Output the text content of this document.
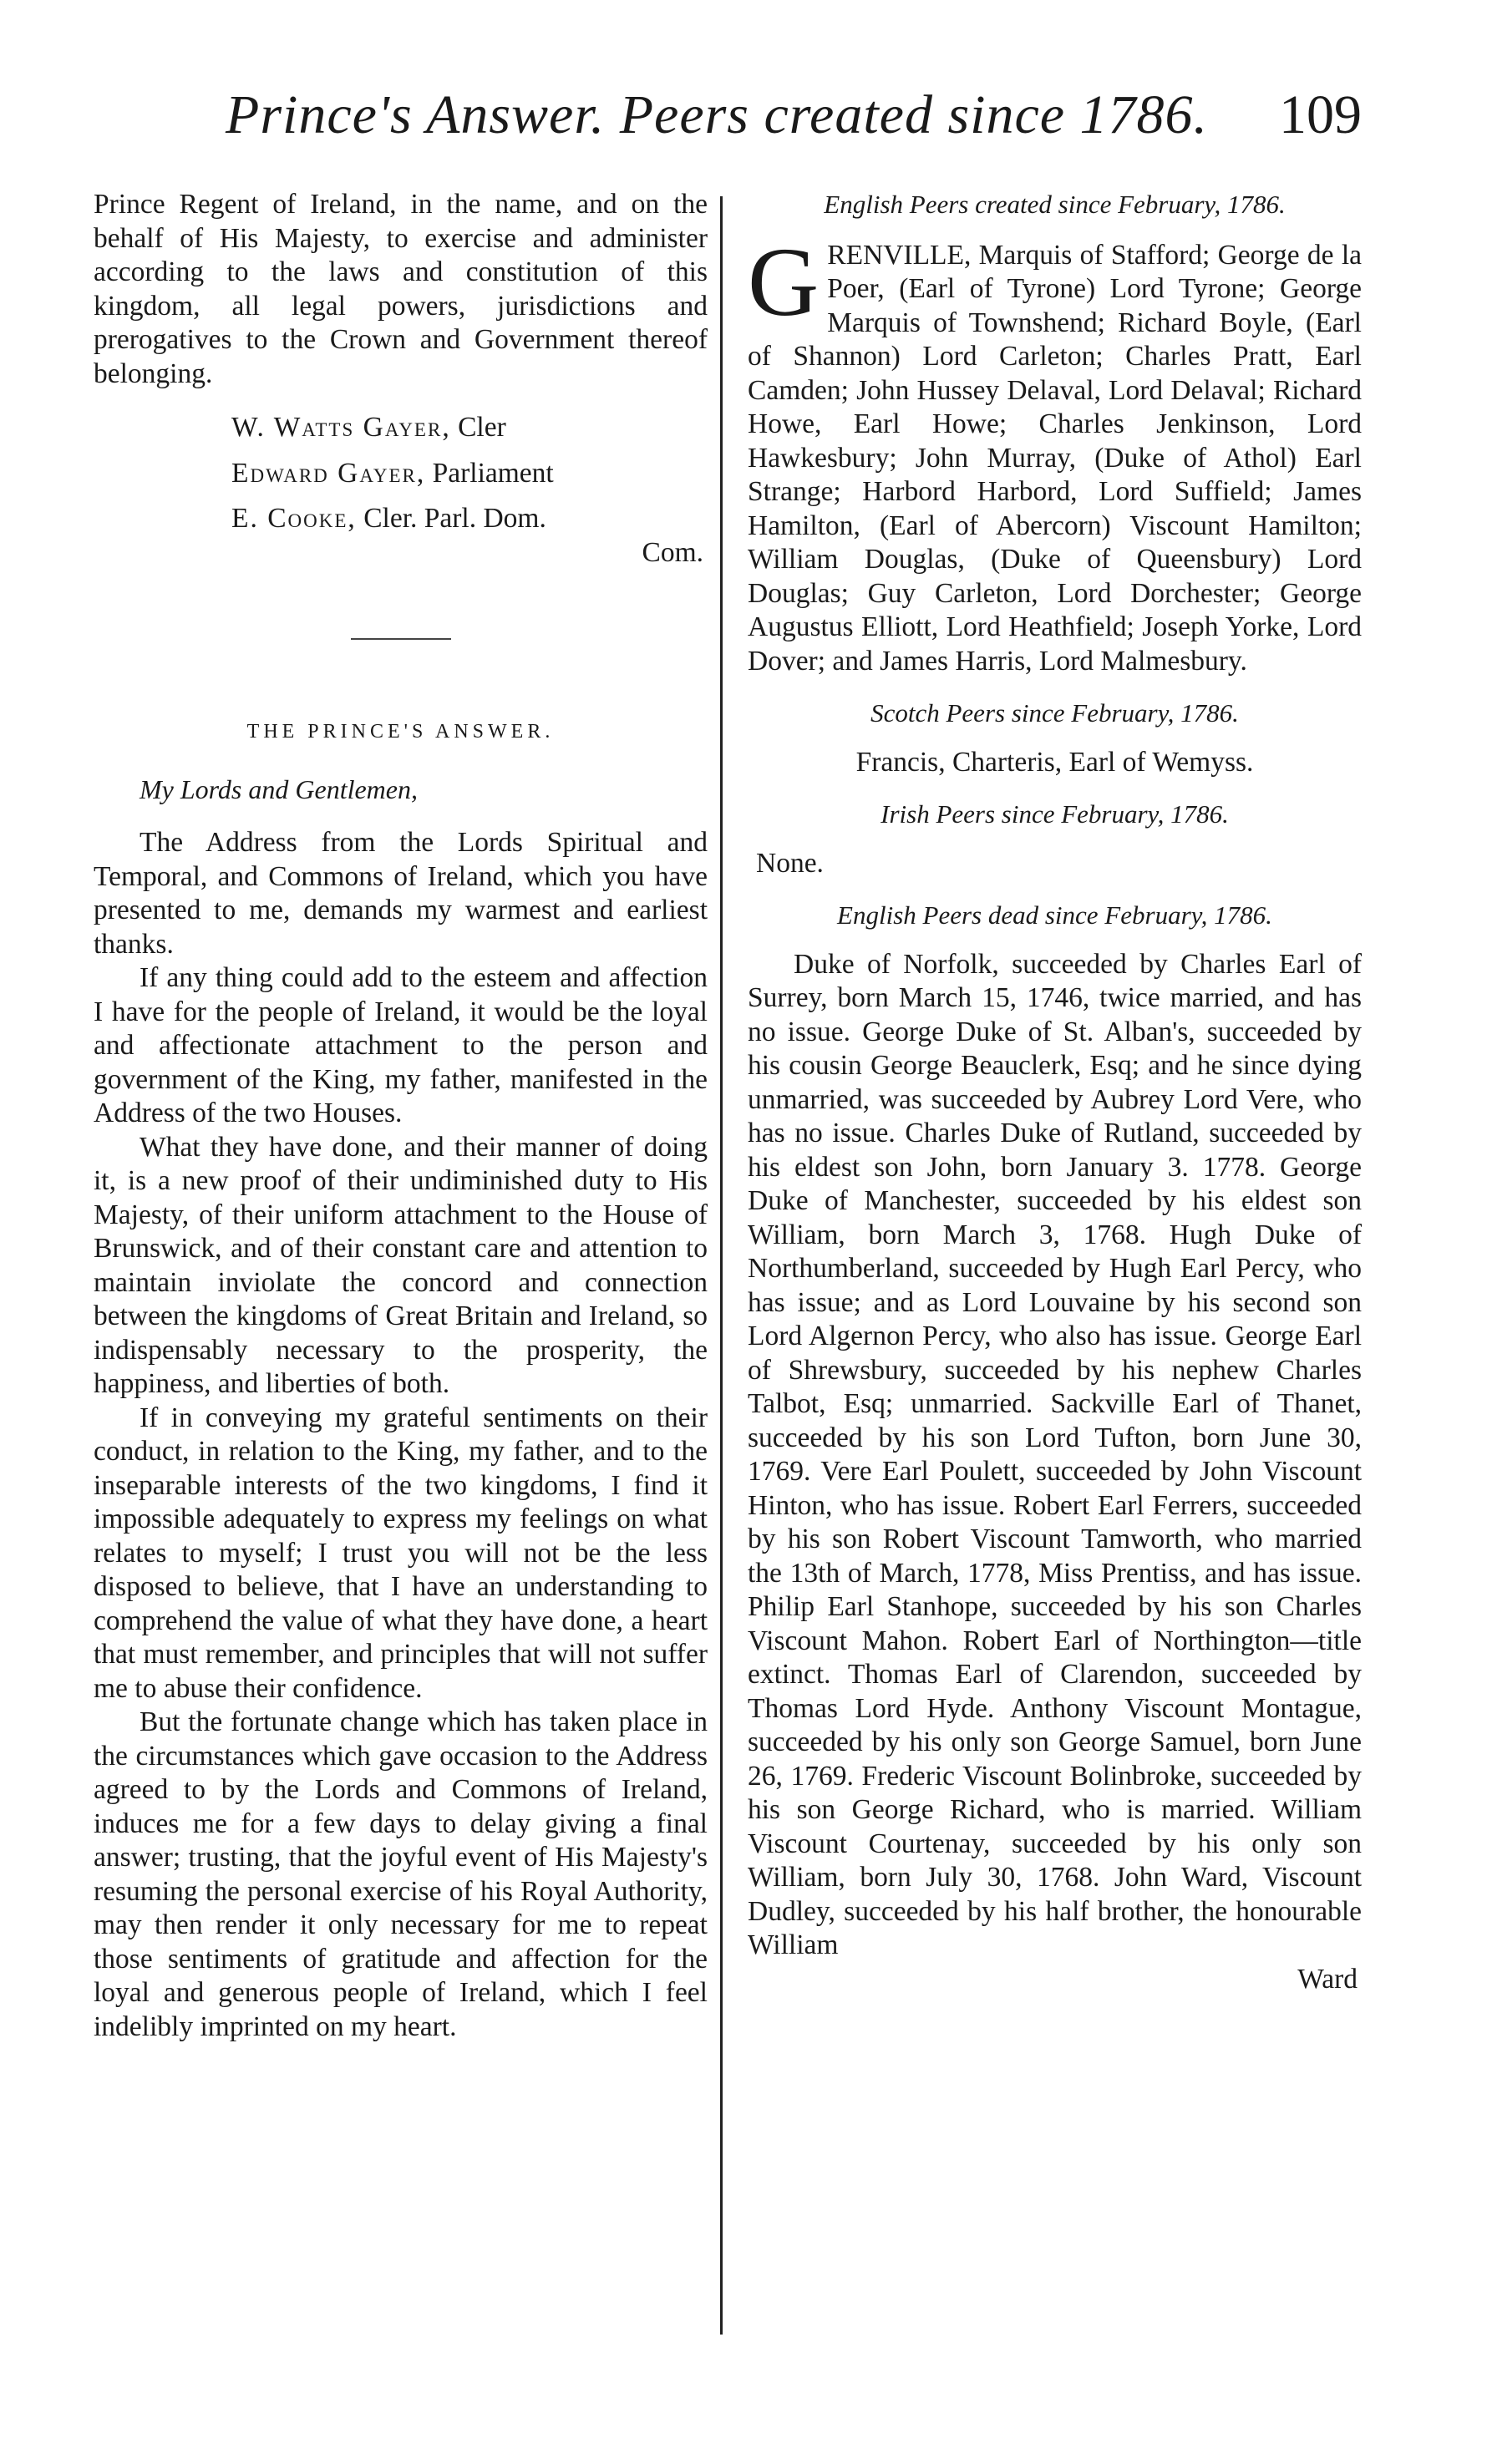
Prince's Answer. Peers created since 1786. 109

Prince Regent of Ireland, in the name, and on the behalf of His Majesty, to exercise and administer according to the laws and constitution of this kingdom, all legal powers, jurisdictions and prerogatives to the Crown and Government thereof belonging.

W. Watts Gayer, Cler
Edward Gayer, Parliament
E. Cooke, Cler. Parl. Dom.
Com.
THE PRINCE'S ANSWER.
My Lords and Gentlemen,

The Address from the Lords Spiritual and Temporal, and Commons of Ireland, which you have presented to me, demands my warmest and earliest thanks.

If any thing could add to the esteem and affection I have for the people of Ireland, it would be the loyal and affectionate attachment to the person and government of the King, my father, manifested in the Address of the two Houses.

What they have done, and their manner of doing it, is a new proof of their undiminished duty to His Majesty, of their uniform attachment to the House of Brunswick, and of their constant care and attention to maintain inviolate the concord and connection between the kingdoms of Great Britain and Ireland, so indispensably necessary to the prosperity, the happiness, and liberties of both.

If in conveying my grateful sentiments on their conduct, in relation to the King, my father, and to the inseparable interests of the two kingdoms, I find it impossible adequately to express my feelings on what relates to myself; I trust you will not be the less disposed to believe, that I have an understanding to comprehend the value of what they have done, a heart that must remember, and principles that will not suffer me to abuse their confidence.

But the fortunate change which has taken place in the circumstances which gave occasion to the Address agreed to by the Lords and Commons of Ireland, induces me for a few days to delay giving a final answer; trusting, that the joyful event of His Majesty's resuming the personal exercise of his Royal Authority, may then render it only necessary for me to repeat those sentiments of gratitude and affection for the loyal and generous people of Ireland, which I feel indelibly imprinted on my heart.

English Peers created since February, 1786.

GRENVILLE, Marquis of Stafford; George de la Poer, (Earl of Tyrone) Lord Tyrone; George Marquis of Townshend; Richard Boyle, (Earl of Shannon) Lord Carleton; Charles Pratt, Earl Camden; John Hussey Delaval, Lord Delaval; Richard Howe, Earl Howe; Charles Jenkinson, Lord Hawkesbury; John Murray, (Duke of Athol) Earl Strange; Harbord Harbord, Lord Suffield; James Hamilton, (Earl of Abercorn) Viscount Hamilton; William Douglas, (Duke of Queensbury) Lord Douglas; Guy Carleton, Lord Dorchester; George Augustus Elliott, Lord Heathfield; Joseph Yorke, Lord Dover; and James Harris, Lord Malmesbury.

Scotch Peers since February, 1786.
Francis, Charteris, Earl of Wemyss.
Irish Peers since February, 1786.
None.
English Peers dead since February, 1786.

Duke of Norfolk, succeeded by Charles Earl of Surrey, born March 15, 1746, twice married, and has no issue. George Duke of St. Alban's, succeeded by his cousin George Beauclerk, Esq; and he since dying unmarried, was succeeded by Aubrey Lord Vere, who has no issue. Charles Duke of Rutland, succeeded by his eldest son John, born January 3. 1778. George Duke of Manchester, succeeded by his eldest son William, born March 3, 1768. Hugh Duke of Northumberland, succeeded by Hugh Earl Percy, who has issue; and as Lord Louvaine by his second son Lord Algernon Percy, who also has issue. George Earl of Shrewsbury, succeeded by his nephew Charles Talbot, Esq; unmarried. Sackville Earl of Thanet, succeeded by his son Lord Tufton, born June 30, 1769. Vere Earl Poulett, succeeded by John Viscount Hinton, who has issue. Robert Earl Ferrers, succeeded by his son Robert Viscount Tamworth, who married the 13th of March, 1778, Miss Prentiss, and has issue. Philip Earl Stanhope, succeeded by his son Charles Viscount Mahon. Robert Earl of Northington—title extinct. Thomas Earl of Clarendon, succeeded by Thomas Lord Hyde. Anthony Viscount Montague, succeeded by his only son George Samuel, born June 26, 1769. Frederic Viscount Bolinbroke, succeeded by his son George Richard, who is married. William Viscount Courtenay, succeeded by his only son William, born July 30, 1768. John Ward, Viscount Dudley, succeeded by his half brother, the honourable William

Ward
